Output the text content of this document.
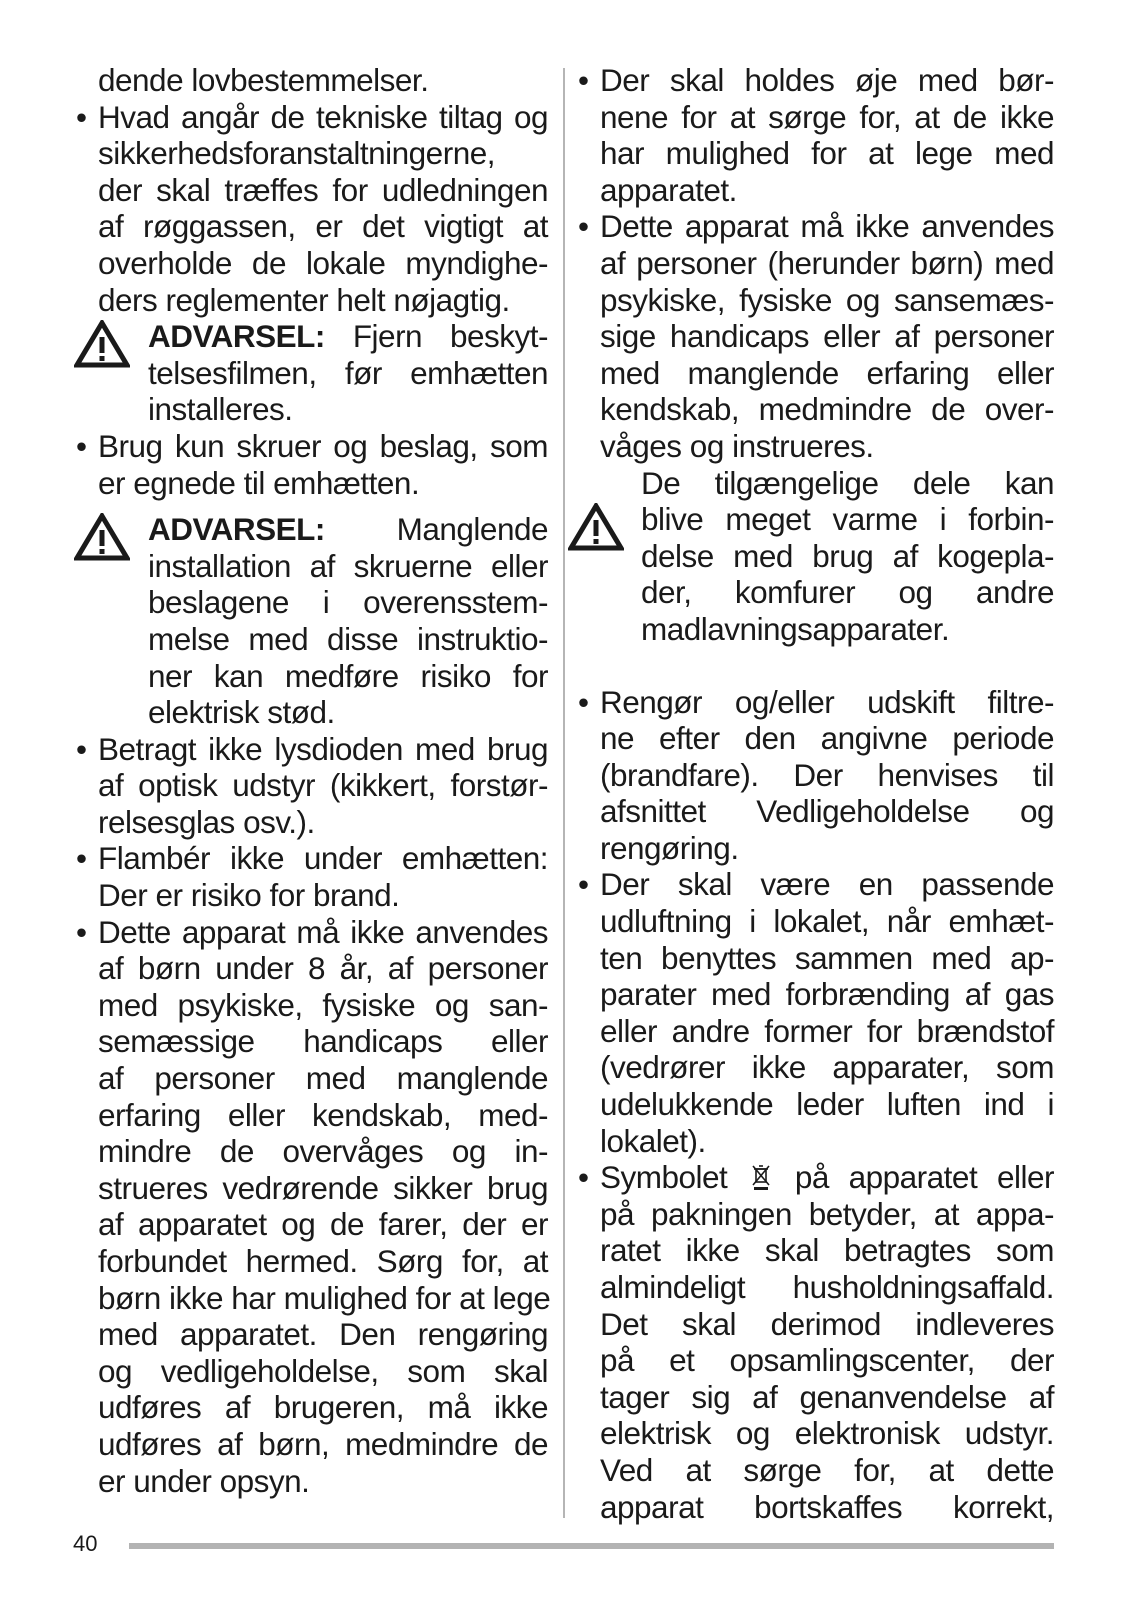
dende lovbestemmelser.
• Hvad angår de tekniske tiltag og
sikkerhedsforanstaltningerne,
der skal træffes for udledningen
af røggassen, er det vigtigt at
overholde de lokale myndighe-
ders reglementer helt nøjagtig.
ADVARSEL: Fjern beskyt-
telsesfilmen, før emhætten
installeres.
• Brug kun skruer og beslag, som
er egnede til emhætten.
ADVARSEL: Manglende
installation af skruerne eller
beslagene i overensstem-
melse med disse instruktio-
ner kan medføre risiko for
elektrisk stød.
• Betragt ikke lysdioden med brug
af optisk udstyr (kikkert, forstør-
relsesglas osv.).
• Flambér ikke under emhætten:
Der er risiko for brand.
• Dette apparat må ikke anvendes
af børn under 8 år, af personer
med psykiske, fysiske og san-
semæssige handicaps eller
af personer med manglende
erfaring eller kendskab, med-
mindre de overvåges og in-
strueres vedrørende sikker brug
af apparatet og de farer, der er
forbundet hermed. Sørg for, at
børn ikke har mulighed for at lege
med apparatet. Den rengøring
og vedligeholdelse, som skal
udføres af brugeren, må ikke
udføres af børn, medmindre de
er under opsyn.
• Der skal holdes øje med bør-
nene for at sørge for, at de ikke
har mulighed for at lege med
apparatet.
• Dette apparat må ikke anvendes
af personer (herunder børn) med
psykiske, fysiske og sansemæs-
sige handicaps eller af personer
med manglende erfaring eller
kendskab, medmindre de over-
våges og instrueres.
De tilgængelige dele kan
blive meget varme i forbin-
delse med brug af kogepla-
der, komfurer og andre
madlavningsapparater.
• Rengør og/eller udskift filtre-
ne efter den angivne periode
(brandfare). Der henvises til
afsnittet Vedligeholdelse og
rengøring.
• Der skal være en passende
udluftning i lokalet, når emhæt-
ten benyttes sammen med ap-
parater med forbrænding af gas
eller andre former for brændstof
(vedrører ikke apparater, som
udelukkende leder luften ind i
lokalet).
• Symbolet på apparatet eller
på pakningen betyder, at appa-
ratet ikke skal betragtes som
almindeligt husholdningsaffald.
Det skal derimod indleveres
på et opsamlingscenter, der
tager sig af genanvendelse af
elektrisk og elektronisk udstyr.
Ved at sørge for, at dette
apparat bortskaffes korrekt,
40
